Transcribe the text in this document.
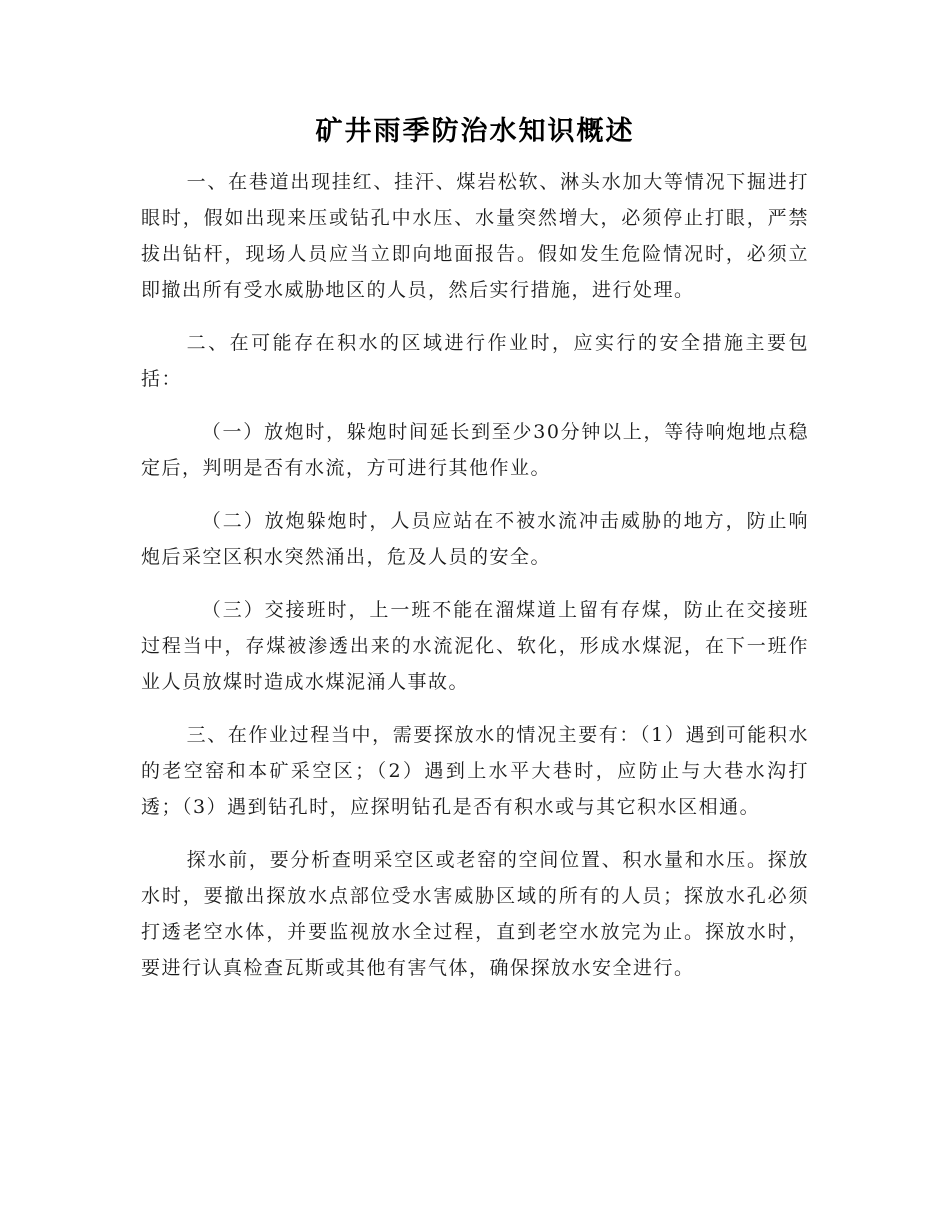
矿井雨季防治水知识概述

一、在巷道出现挂红、挂汗、煤岩松软、淋头水加大等情况下掘进打眼时，假如出现来压或钻孔中水压、水量突然增大，必须停止打眼，严禁拔出钻杆，现场人员应当立即向地面报告。假如发生危险情况时，必须立即撤出所有受水威胁地区的人员，然后实行措施，进行处理。

二、在可能存在积水的区域进行作业时，应实行的安全措施主要包括：

（一）放炮时，躲炮时间延长到至少30分钟以上，等待响炮地点稳定后，判明是否有水流，方可进行其他作业。

（二）放炮躲炮时，人员应站在不被水流冲击威胁的地方，防止响炮后采空区积水突然涌出，危及人员的安全。

（三）交接班时，上一班不能在溜煤道上留有存煤，防止在交接班过程当中，存煤被渗透出来的水流泥化、软化，形成水煤泥，在下一班作业人员放煤时造成水煤泥涌人事故。

三、在作业过程当中，需要探放水的情况主要有：（1）遇到可能积水的老空窑和本矿采空区；（2）遇到上水平大巷时，应防止与大巷水沟打透；（3）遇到钻孔时，应探明钻孔是否有积水或与其它积水区相通。

探水前，要分析查明采空区或老窑的空间位置、积水量和水压。探放水时，要撤出探放水点部位受水害威胁区域的所有的人员；探放水孔必须打透老空水体，并要监视放水全过程，直到老空水放完为止。探放水时，要进行认真检查瓦斯或其他有害气体，确保探放水安全进行。
